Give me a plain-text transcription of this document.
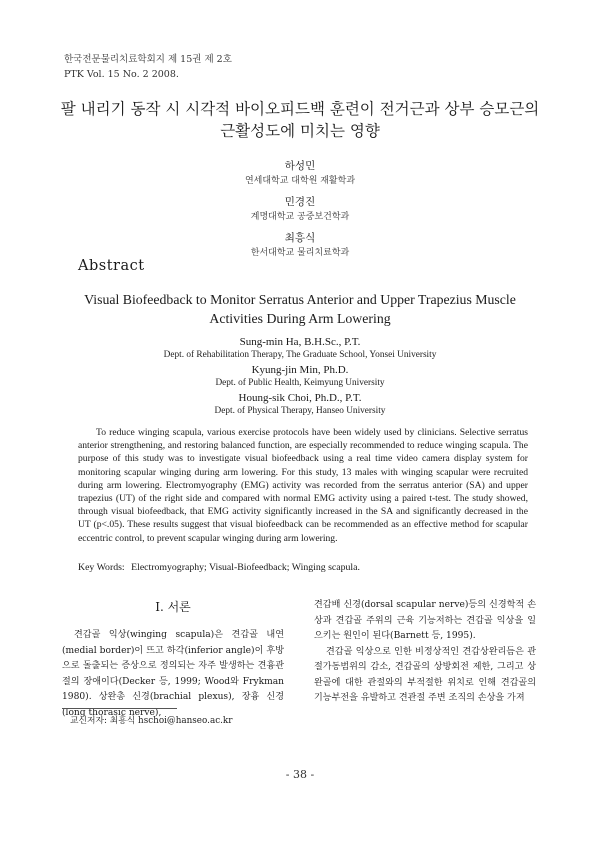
한국전문물리치료학회지 제 15권 제 2호
PTK Vol. 15 No. 2 2008.
팔 내리기 동작 시 시각적 바이오피드백 훈련이 전거근과 상부 승모근의
근활성도에 미치는 영향
하성민
연세대학교 대학원 재활학과
민경진
계명대학교 공중보건학과
최흥식
한서대학교 물리치료학과
Abstract
Visual Biofeedback to Monitor Serratus Anterior and Upper Trapezius Muscle
Activities During Arm Lowering
Sung-min Ha, B.H.Sc., P.T.
Dept. of Rehabilitation Therapy, The Graduate School, Yonsei University
Kyung-jin Min, Ph.D.
Dept. of Public Health, Keimyung University
Houng-sik Choi, Ph.D., P.T.
Dept. of Physical Therapy, Hanseo University
To reduce winging scapula, various exercise protocols have been widely used by clinicians. Selective serratus anterior strengthening, and restoring balanced function, are especially recommended to reduce winging scapula. The purpose of this study was to investigate visual biofeedback using a real time video camera display system for monitoring scapular winging during arm lowering. For this study, 13 males with winging scapular were recruited during arm lowering. Electromyography (EMG) activity was recorded from the serratus anterior (SA) and upper trapezius (UT) of the right side and compared with normal EMG activity using a paired t-test. The study showed, through visual biofeedback, that EMG activity significantly increased in the SA and significantly decreased in the UT (p<.05). These results suggest that visual biofeedback can be recommended as an effective method for scapular eccentric control, to prevent scapular winging during arm lowering.
Key Words: Electromyography; Visual-Biofeedback; Winging scapula.
Ⅰ. 서론

견갑골 익상(winging scapula)은 견갑골 내연(medial border)이 뜨고 하각(inferior angle)이 후방으로 돌출되는 증상으로 정의되는 자주 발생하는 견흉관절의 장애이다(Decker 등, 1999; Wood와 Frykman 1980). 상완총 신경(brachial plexus), 장흉 신경(long thorasic nerve),

견갑배 신경(dorsal scapular nerve)등의 신경학적 손상과 견갑골 주위의 근육 기능저하는 견갑골 익상을 일으키는 원인이 된다(Barnett 등, 1995).

견갑골 익상으로 인한 비정상적인 견갑상완리듬은 관절가동범위의 감소, 견갑골의 상방회전 제한, 그리고 상완골에 대한 관절와의 부적절한 위치로 인해 견갑골의 기능부전을 유발하고 견관절 주변 조직의 손상을 가져

교신저자: 최흥식 hschoi@hanseo.ac.kr
- 38 -
